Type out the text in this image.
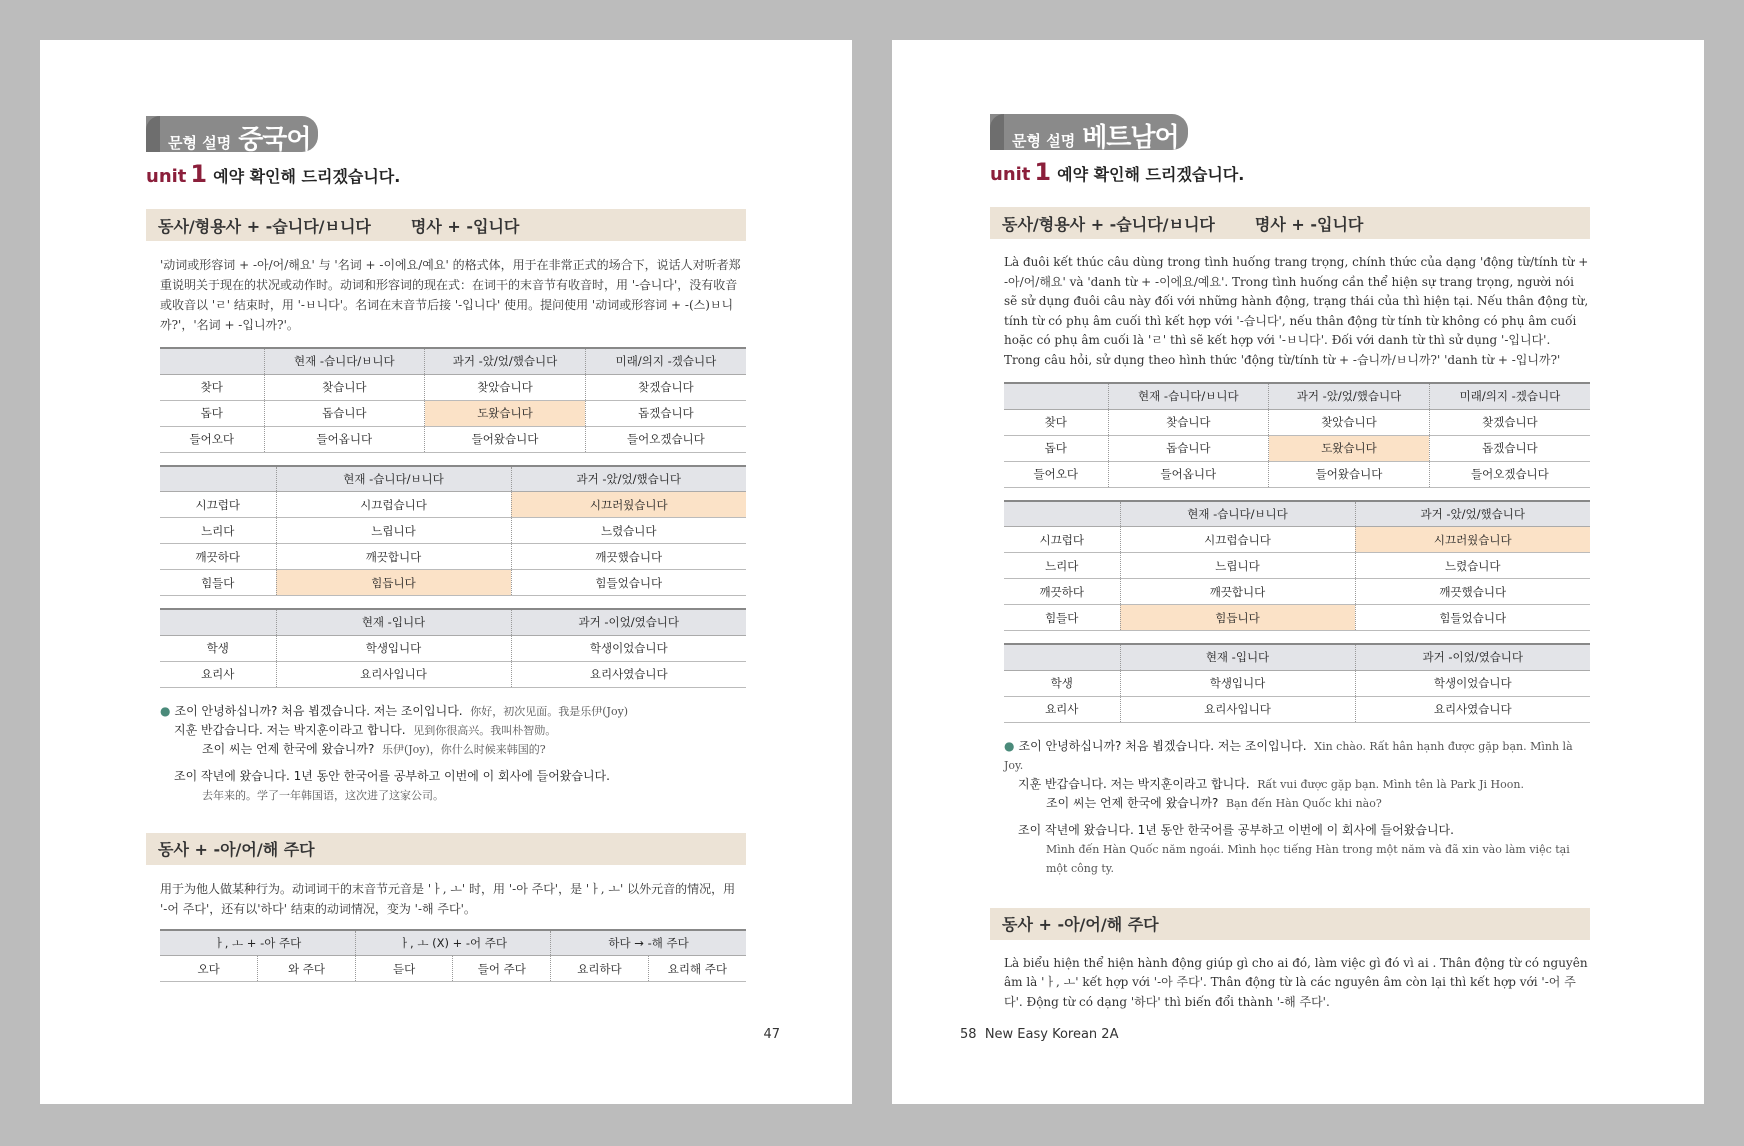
문형 설명 중국어
unit 1 예약 확인해 드리겠습니다.
동사/형용사 + -습니다/ㅂ니다	명사 + -입니다

'动词或形容词 + -아/어/해요' 与 '名词 + -이에요/예요' 的格式体，用于在非常正式的场合下，说话人对听者郑重说明关于现在的状况或动作时。动词和形容词的现在式：在词干的末音节有收音时，用 '-습니다'，没有收音或收音以 'ㄹ' 结束时，用 '-ㅂ니다'。名词在末音节后接 '-입니다' 使用。提问使用 '动词或形容词 + -(스)ㅂ니까?'，'名词 + -입니까?'。

	현재 -습니다/ㅂ니다	과거 -았/었/했습니다	미래/의지 -겠습니다
찾다	찾습니다	찾았습니다	찾겠습니다
돕다	돕습니다	도왔습니다	돕겠습니다
들어오다	들어옵니다	들어왔습니다	들어오겠습니다
	현재 -습니다/ㅂ니다	과거 -았/었/했습니다
시끄럽다	시끄럽습니다	시끄러웠습니다
느리다	느립니다	느렸습니다
깨끗하다	깨끗합니다	깨끗했습니다
힘들다	힘듭니다	힘들었습니다
	현재 -입니다	과거 -이었/였습니다
학생	학생입니다	학생이었습니다
요리사	요리사입니다	요리사였습니다
● 조이 안녕하십니까? 처음 뵙겠습니다. 저는 조이입니다. 你好，初次见面。我是乐伊(Joy)
지훈 반갑습니다. 저는 박지훈이라고 합니다. 见到你很高兴。我叫朴智勋。
조이 씨는 언제 한국에 왔습니까? 乐伊(Joy)，你什么时候来韩国的?
조이 작년에 왔습니다. 1년 동안 한국어를 공부하고 이번에 이 회사에 들어왔습니다.
去年来的。学了一年韩国语，这次进了这家公司。
동사 + -아/어/해 주다

用于为他人做某种行为。动词词干的末音节元音是 'ㅏ, ㅗ' 时，用 '-아 주다'，是 'ㅏ, ㅗ' 以外元音的情况，用 '-어 주다'，还有以'하다' 结束的动词情况，变为 '-해 주다'。

ㅏ, ㅗ + -아 주다		ㅏ, ㅗ (X) + -어 주다		하다 → -해 주다	
오다	와 주다	듣다	들어 주다	요리하다	요리해 주다
47
문형 설명 베트남어
unit 1 예약 확인해 드리겠습니다.
동사/형용사 + -습니다/ㅂ니다	명사 + -입니다

Là đuôi kết thúc câu dùng trong tình huống trang trọng, chính thức của dạng 'động từ/tính từ + -아/어/해요' và 'danh từ + -이에요/예요'. Trong tình huống cần thể hiện sự trang trọng, người nói sẽ sử dụng đuôi câu này đối với những hành động, trạng thái của thì hiện tại. Nếu thân động từ, tính từ có phụ âm cuối thì kết hợp với '-습니다', nếu thân động từ tính từ không có phụ âm cuối hoặc có phụ âm cuối là 'ㄹ' thì sẽ kết hợp với '-ㅂ니다'. Đối với danh từ thì sử dụng '-입니다'. Trong câu hỏi, sử dụng theo hình thức 'động từ/tính từ + -습니까/ㅂ니까?' 'danh từ + -입니까?'

	현재 -습니다/ㅂ니다	과거 -았/었/했습니다	미래/의지 -겠습니다
찾다	찾습니다	찾았습니다	찾겠습니다
돕다	돕습니다	도왔습니다	돕겠습니다
들어오다	들어옵니다	들어왔습니다	들어오겠습니다
	현재 -습니다/ㅂ니다	과거 -았/었/했습니다
시끄럽다	시끄럽습니다	시끄러웠습니다
느리다	느립니다	느렸습니다
깨끗하다	깨끗합니다	깨끗했습니다
힘들다	힘듭니다	힘들었습니다
	현재 -입니다	과거 -이었/였습니다
학생	학생입니다	학생이었습니다
요리사	요리사입니다	요리사였습니다
● 조이 안녕하십니까? 처음 뵙겠습니다. 저는 조이입니다. Xin chào. Rất hân hạnh được gặp bạn. Mình là Joy.
지훈 반갑습니다. 저는 박지훈이라고 합니다. Rất vui được gặp bạn. Mình tên là Park Ji Hoon.
조이 씨는 언제 한국에 왔습니까? Bạn đến Hàn Quốc khi nào?
조이 작년에 왔습니다. 1년 동안 한국어를 공부하고 이번에 이 회사에 들어왔습니다.
Mình đến Hàn Quốc năm ngoái. Mình học tiếng Hàn trong một năm và đã xin vào làm việc tại một công ty.
동사 + -아/어/해 주다

Là biểu hiện thể hiện hành động giúp gì cho ai đó, làm việc gì đó vì ai . Thân động từ có nguyên âm là 'ㅏ, ㅗ' kết hợp với '-아 주다'. Thân động từ là các nguyên âm còn lại thì kết hợp với '-어 주다'. Động từ có dạng '하다' thì biến đổi thành '-해 주다'.

58 New Easy Korean 2A
